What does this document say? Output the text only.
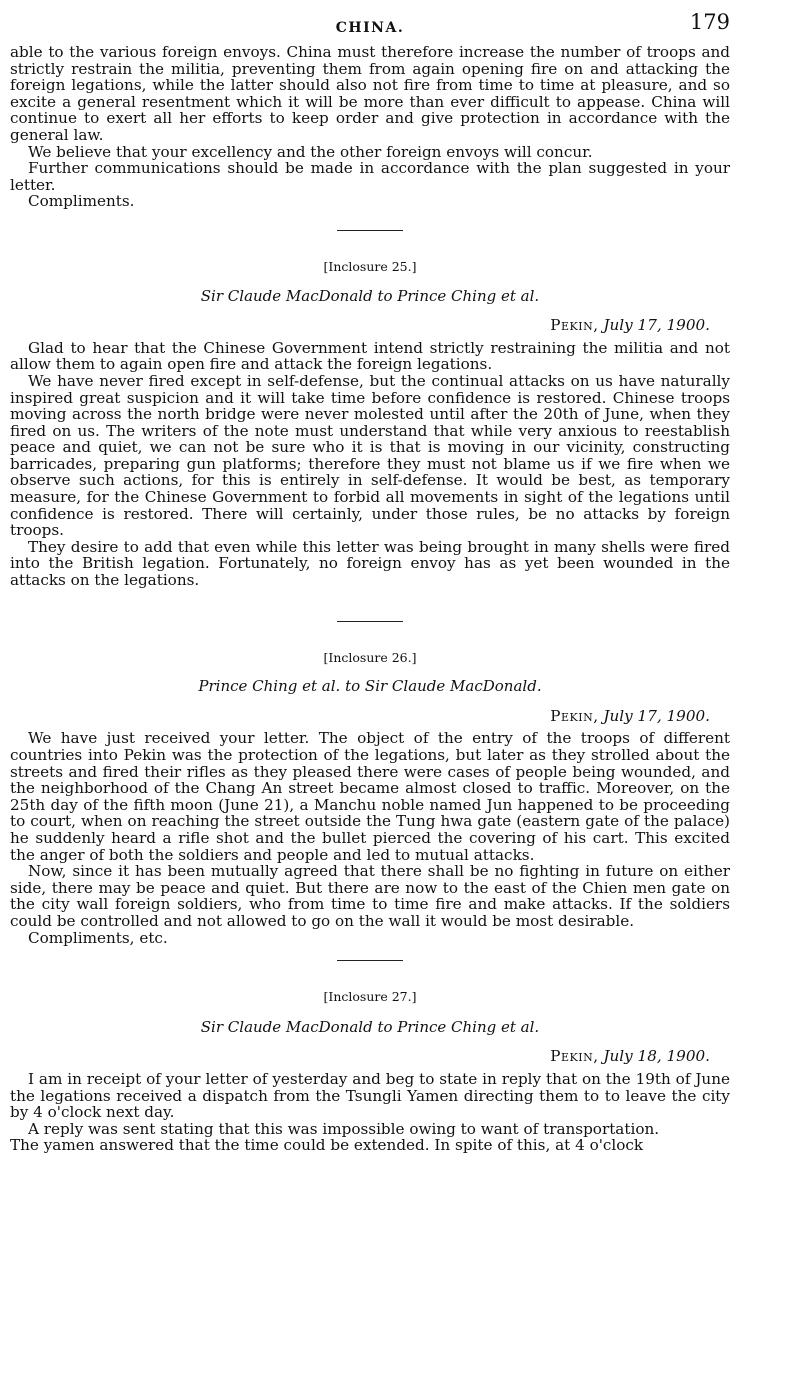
CHINA.	179

able to the various foreign envoys. China must therefore increase the number of troops and strictly restrain the militia, preventing them from again opening fire on and attacking the foreign legations, while the latter should also not fire from time to time at pleasure, and so excite a general resentment which it will be more than ever difficult to appease. China will continue to exert all her efforts to keep order and give protection in accordance with the general law.

We believe that your excellency and the other foreign envoys will concur.

Further communications should be made in accordance with the plan suggested in your letter.

Compliments.

[Inclosure 25.]
Sir Claude MacDonald to Prince Ching et al.
Pekin, July 17, 1900.

Glad to hear that the Chinese Government intend strictly restraining the militia and not allow them to again open fire and attack the foreign legations.

We have never fired except in self-defense, but the continual attacks on us have naturally inspired great suspicion and it will take time before confidence is restored. Chinese troops moving across the north bridge were never molested until after the 20th of June, when they fired on us. The writers of the note must understand that while very anxious to reestablish peace and quiet, we can not be sure who it is that is moving in our vicinity, constructing barricades, preparing gun platforms; therefore they must not blame us if we fire when we observe such actions, for this is entirely in self-defense. It would be best, as temporary measure, for the Chinese Government to forbid all movements in sight of the legations until confidence is restored. There will certainly, under those rules, be no attacks by foreign troops.

They desire to add that even while this letter was being brought in many shells were fired into the British legation. Fortunately, no foreign envoy has as yet been wounded in the attacks on the legations.

[Inclosure 26.]
Prince Ching et al. to Sir Claude MacDonald.
Pekin, July 17, 1900.

We have just received your letter. The object of the entry of the troops of different countries into Pekin was the protection of the legations, but later as they strolled about the streets and fired their rifles as they pleased there were cases of people being wounded, and the neighborhood of the Chang An street became almost closed to traffic. Moreover, on the 25th day of the fifth moon (June 21), a Manchu noble named Jun happened to be proceeding to court, when on reaching the street outside the Tung hwa gate (eastern gate of the palace) he suddenly heard a rifle shot and the bullet pierced the covering of his cart. This excited the anger of both the soldiers and people and led to mutual attacks.

Now, since it has been mutually agreed that there shall be no fighting in future on either side, there may be peace and quiet. But there are now to the east of the Chien men gate on the city wall foreign soldiers, who from time to time fire and make attacks. If the soldiers could be controlled and not allowed to go on the wall it would be most desirable.

Compliments, etc.

[Inclosure 27.]
Sir Claude MacDonald to Prince Ching et al.
Pekin, July 18, 1900.

I am in receipt of your letter of yesterday and beg to state in reply that on the 19th of June the legations received a dispatch from the Tsungli Yamen directing them to to leave the city by 4 o'clock next day.

A reply was sent stating that this was impossible owing to want of transportation.

The yamen answered that the time could be extended. In spite of this, at 4 o'clock
